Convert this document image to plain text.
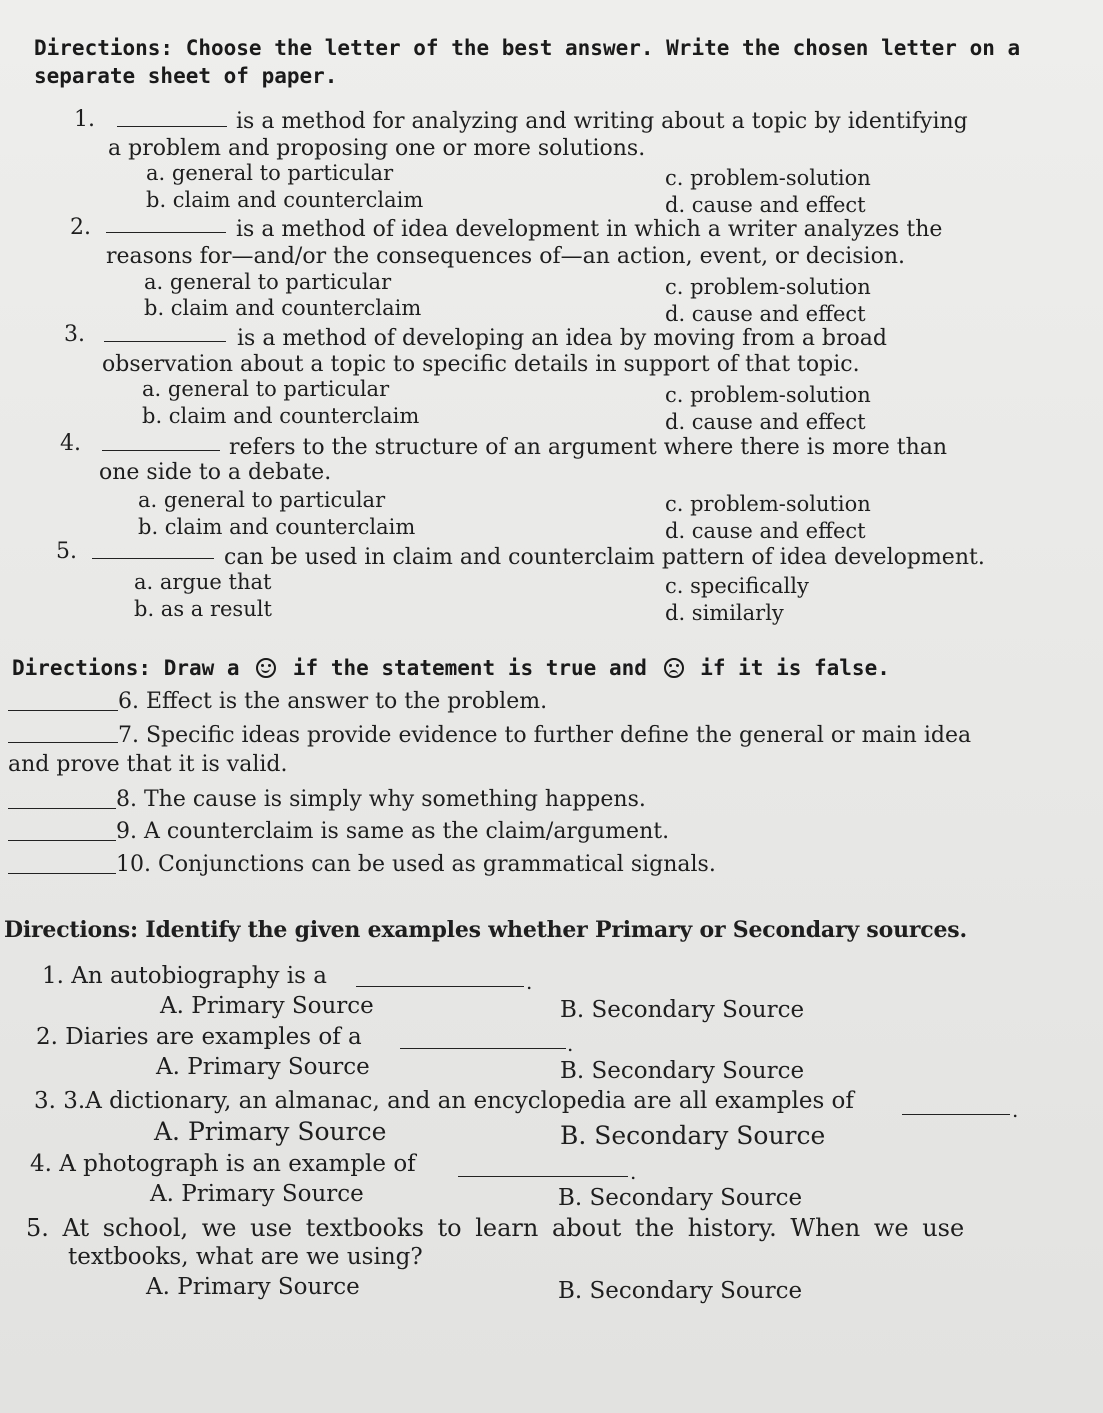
Directions: Choose the letter of the best answer. Write the chosen letter on a
separate sheet of paper.
1.	is a method for analyzing and writing about a topic by identifying
a problem and proposing one or more solutions.
a. general to particular
b. claim and counterclaim
c. problem-solution
d. cause and effect
2.	is a method of idea development in which a writer analyzes the
reasons for—and/or the consequences of—an action, event, or decision.
a. general to particular
b. claim and counterclaim
c. problem-solution
d. cause and effect
3.	is a method of developing an idea by moving from a broad
observation about a topic to specific details in support of that topic.
a. general to particular
b. claim and counterclaim
c. problem-solution
d. cause and effect
4.	refers to the structure of an argument where there is more than
one side to a debate.
a. general to particular
b. claim and counterclaim
c. problem-solution
d. cause and effect
5.	can be used in claim and counterclaim pattern of idea development.
a. argue that
b. as a result
c. specifically
d. similarly
Directions: Draw a	if the statement is true and	if it is false.
6. Effect is the answer to the problem.
7. Specific ideas provide evidence to further define the general or main idea
and prove that it is valid.
8. The cause is simply why something happens.
9. A counterclaim is same as the claim/argument.
10. Conjunctions can be used as grammatical signals.
Directions: Identify the given examples whether Primary or Secondary sources.
1. An autobiography is a	.
A. Primary Source	B. Secondary Source
2. Diaries are examples of a	.
A. Primary Source	B. Secondary Source
3. 3.A dictionary, an almanac, and an encyclopedia are all examples of	.
A. Primary Source	B. Secondary Source
4. A photograph is an example of	.
A. Primary Source	B. Secondary Source
5. At school, we use textbooks to learn about the history. When we use
textbooks, what are we using?
A. Primary Source	B. Secondary Source
